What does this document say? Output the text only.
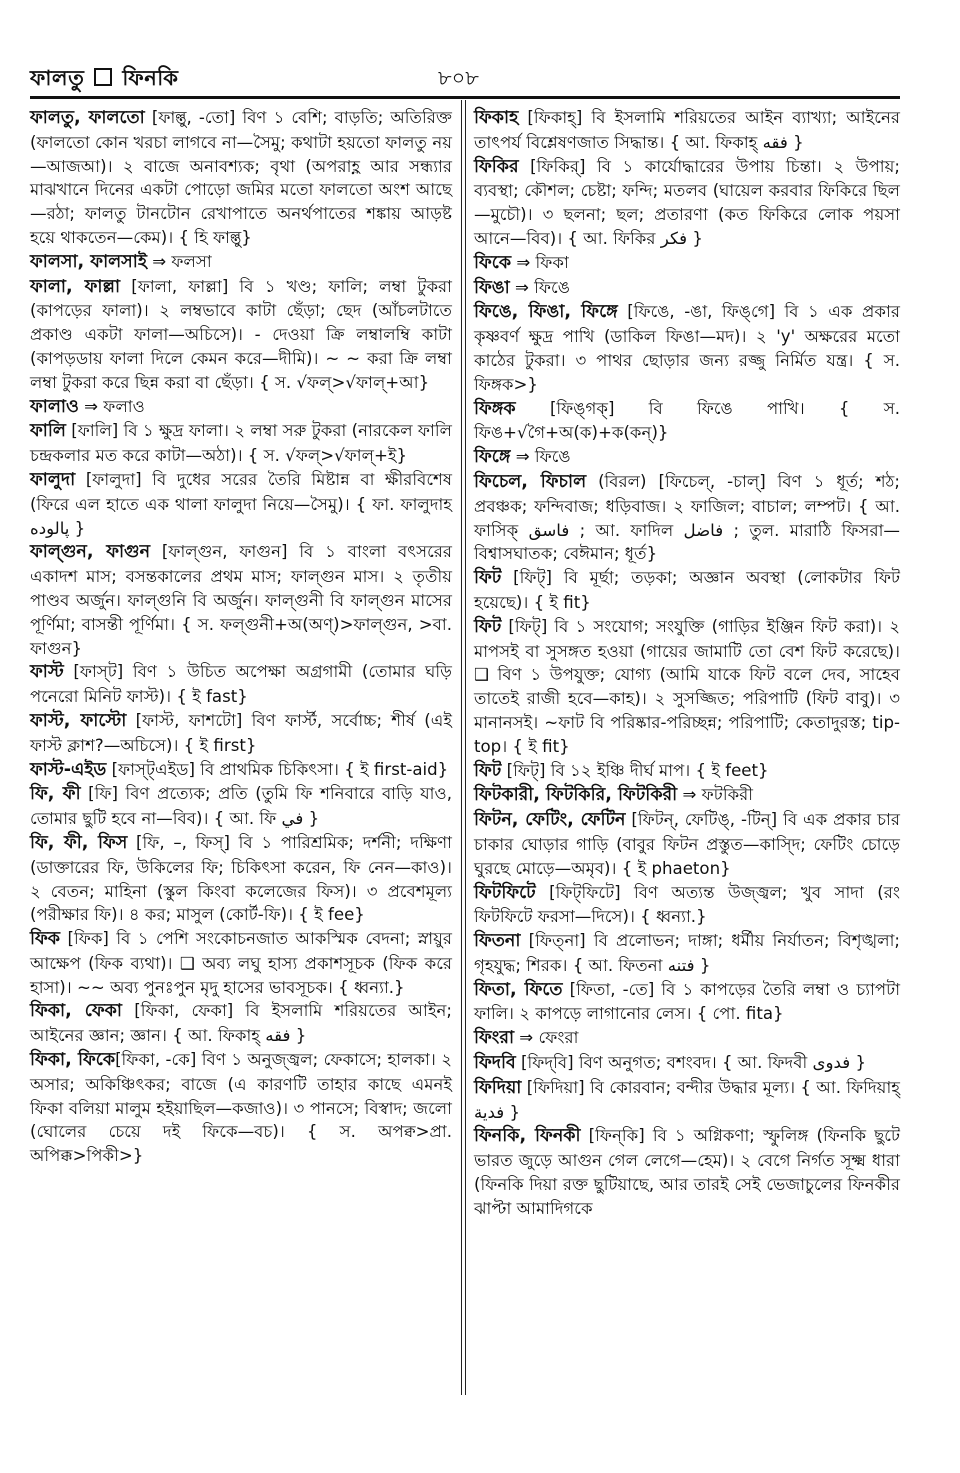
ফালতু ফিনকি	৮০৮

ফালতু, ফালতো [ফাল্তু, -তো] বিণ ১ বেশি; বাড়তি; অতিরিক্ত (ফালতো কোন খরচা লাগবে না—সৈমু; কথাটা হয়তো ফালতু নয়—আজআ)। ২ বাজে অনাবশ্যক; বৃথা (অপরাহ্ণ আর সন্ধ্যার মাঝখানে দিনের একটা পোড়ো জমির মতো ফালতো অংশ আছে—রঠা; ফালতু টানটোন রেখাপাতে অনর্থপাতের শঙ্কায় আড়ষ্ট হয়ে থাকতেন—কেম)। { হি ফাল্তু}

ফালসা, ফালসাই ⇒ ফলসা

ফালা, ফাল্লা [ফালা, ফাল্লা] বি ১ খণ্ড; ফালি; লম্বা টুকরা (কাপড়ের ফালা)। ২ লম্বভাবে কাটা ছেঁড়া; ছেদ (আঁচলটাতে প্রকাণ্ড একটা ফালা—অচিসে)। - দেওয়া ক্রি লম্বালম্বি কাটা (কাপড়ডায় ফালা দিলে কেমন করে—দীমি)। ~ ~ করা ক্রি লম্বা লম্বা টুকরা করে ছিন্ন করা বা ছেঁড়া। { স. √ফল্‌>√ফাল্‌+আ}

ফালাও ⇒ ফলাও

ফালি [ফালি] বি ১ ক্ষুদ্র ফালা। ২ লম্বা সরু টুকরা (নারকেল ফালি চন্দ্রকলার মত করে কাটা—অঠা)। { স. √ফল্‌>√ফাল্‌+ই}

ফালুদা [ফালুদা] বি দুধের সরের তৈরি মিষ্টান্ন বা ক্ষীরবিশেষ (ফিরে এল হাতে এক থালা ফালুদা নিয়ে—সৈমু)। { ফা. ফালুদাহ پالوده }

ফাল্গুন, ফাগুন [ফাল্‌গুন, ফাগুন] বি ১ বাংলা বৎসরের একাদশ মাস; বসন্তকালের প্রথম মাস; ফাল্গুন মাস। ২ তৃতীয় পাণ্ডব অর্জুন। ফাল্গুনি বি অর্জুন। ফাল্গুনী বি ফাল্গুন মাসের পূর্ণিমা; বাসন্তী পূর্ণিমা। { স. ফল্গুনী+অ(অণ্)>ফাল্গুন, >বা. ফাগুন}

ফাস্ট [ফাস্‌ট] বিণ ১ উচিত অপেক্ষা অগ্রগামী (তোমার ঘড়ি পনেরো মিনিট ফাস্ট)। { ই fast}

ফাস্ট, ফাস্টো [ফাস্ট, ফাশটো] বিণ ফার্স্ট, সর্বোচ্চ; শীর্ষ (এই ফাস্ট ক্লাশ?—অচিসে)। { ই first}

ফাস্ট-এইড [ফাস্ট্‌এইড] বি প্রাথমিক চিকিৎসা। { ই first-aid}

ফি, ফী [ফি] বিণ প্রত্যেক; প্রতি (তুমি ফি শনিবারে বাড়ি যাও, তোমার ছুটি হবে না—বিব)। { আ. ফি في }

ফি, ফী, ফিস [ফি, –, ফিস্‌] বি ১ পারিশ্রমিক; দর্শনী; দক্ষিণা (ডাক্তারের ফি, উকিলের ফি; চিকিৎসা করেন, ফি নেন—কাও)। ২ বেতন; মাহিনা (স্কুল কিংবা কলেজের ফিস)। ৩ প্রবেশমূল্য (পরীক্ষার ফি)। ৪ কর; মাসুল (কোর্ট-ফি)। { ই fee}

ফিক [ফিক] বি ১ পেশি সংকোচনজাত আকস্মিক বেদনা; স্নায়ুর আক্ষেপ (ফিক ব্যথা)। ❑ অব্য লঘু হাস্য প্রকাশসূচক (ফিক করে হাসা)। ~~ অব্য পুনঃপুন মৃদু হাসের ভাবসূচক। { ধ্বন্যা.}

ফিকা, ফেকা [ফিকা, ফেকা] বি ইসলামি শরিয়তের আইন; আইনের জ্ঞান; জ্ঞান। { আ. ফিকাহ্‌ فقه }

ফিকা, ফিকে[ফিকা, -কে] বিণ ১ অনুজ্জ্বল; ফেকাসে; হালকা। ২ অসার; অকিঞ্চিৎকর; বাজে (এ কারণটি তাহার কাছে এমনই ফিকা বলিয়া মালুম হইয়াছিল—কজাও)। ৩ পানসে; বিস্বাদ; জলো (ঘোলের চেয়ে দই ফিকে—বচ)। { স. অপক্ব>প্রা. অপিক্ক>পিকী>}

ফিকাহ [ফিকাহ্‌] বি ইসলামি শরিয়তের আইন ব্যাখ্যা; আইনের তাৎপর্য বিশ্লেষণজাত সিদ্ধান্ত। { আ. ফিকাহ্‌ فقه }

ফিকির [ফিকির্‌] বি ১ কার্যোদ্ধারের উপায় চিন্তা। ২ উপায়; ব্যবস্থা; কৌশল; চেষ্টা; ফন্দি; মতলব (ঘায়েল করবার ফিকিরে ছিল—মুচৌ)। ৩ ছলনা; ছল; প্রতারণা (কত ফিকিরে লোক পয়সা আনে—বিব)। { আ. ফিকির فكر }

ফিকে ⇒ ফিকা

ফিঙা ⇒ ফিঙে

ফিঙে, ফিঙা, ফিঙ্গে [ফিঙে, -ঙা, ফিঙ্‌গে] বি ১ এক প্রকার কৃষ্ণবর্ণ ক্ষুদ্র পাখি (ডাকিল ফিঙা—মদ)। ২ 'y' অক্ষরের মতো কাঠের টুকরা। ৩ পাথর ছোড়ার জন্য রজ্জু নির্মিত যন্ত্র। { স. ফিঙ্গক>}

ফিঙ্গক [ফিঙ্‌গক্‌] বি ফিঙে পাখি। { স. ফিঙ+√গৈ+অ(ক)+ক(কন্)}

ফিঙ্গে ⇒ ফিঙে

ফিচেল, ফিচাল (বিরল) [ফিচেল্‌, -চাল্‌] বিণ ১ ধূর্ত; শঠ; প্রবঞ্চক; ফন্দিবাজ; ধড়িবাজ। ২ ফাজিল; বাচাল; লম্পট। { আ. ফাসিক্‌ فاسق ; আ. ফাদিল فاضل ; তুল. মারাঠি ফিসরা—বিশ্বাসঘাতক; বেঈমান; ধূর্ত}

ফিট [ফিট্‌] বি মূর্ছা; তড়কা; অজ্ঞান অবস্থা (লোকটার ফিট হয়েছে)। { ই fit}

ফিট [ফিট্‌] বি ১ সংযোগ; সংযুক্তি (গাড়ির ইঞ্জিন ফিট করা)। ২ মাপসই বা সুসঙ্গত হওয়া (গায়ের জামাটি তো বেশ ফিট করেছে)। ❑ বিণ ১ উপযুক্ত; যোগ্য (আমি যাকে ফিট বলে দেব, সাহেব তাতেই রাজী হবে—কাহ)। ২ সুসজ্জিত; পরিপাটি (ফিট বাবু)। ৩ মানানসই। ~ফাট বি পরিষ্কার-পরিচ্ছন্ন; পরিপাটি; কেতাদুরস্ত; tip-top। { ই fit}

ফিট [ফিট্‌] বি ১২ ইঞ্চি দীর্ঘ মাপ। { ই feet}

ফিটকারী, ফিটকিরি, ফিটকিরী ⇒ ফটকিরী

ফিটন, ফেটিং, ফেটিন [ফিটন্‌, ফেটিঙ্‌, -টিন্‌] বি এক প্রকার চার চাকার ঘোড়ার গাড়ি (বাবুর ফিটন প্রস্তুত—কাস্দি; ফেটিং চোড়ে ঘুরছে মোড়ে—অমৃব)। { ই phaeton}

ফিটফিটে [ফিট্‌ফিটে] বিণ অত্যন্ত উজ্জ্বল; খুব সাদা (রং ফিটফিটে ফরসা—দিসে)। { ধ্বন্যা.}

ফিতনা [ফিত্‌না] বি প্রলোভন; দাঙ্গা; ধর্মীয় নির্যাতন; বিশৃঙ্খলা; গৃহযুদ্ধ; শিরক। { আ. ফিতনা فتنه }

ফিতা, ফিতে [ফিতা, -তে] বি ১ কাপড়ের তৈরি লম্বা ও চ্যাপটা ফালি। ২ কাপড়ে লাগানোর লেস। { পো. fita}

ফিংরা ⇒ ফেংরা

ফিদবি [ফিদ্‌বি] বিণ অনুগত; বশংবদ। { আ. ফিদবী فدوی }

ফিদিয়া [ফিদিয়া] বি কোরবান; বন্দীর উদ্ধার মূল্য। { আ. ফিদিয়াহ্‌ فدية }

ফিনকি, ফিনকী [ফিন্‌কি] বি ১ অগ্নিকণা; স্ফুলিঙ্গ (ফিনকি ছুটে ভারত জুড়ে আগুন গেল লেগে—হেম)। ২ বেগে নির্গত সূক্ষ্ম ধারা (ফিনকি দিয়া রক্ত ছুটিয়াছে, আর তারই সেই ভেজাচুলের ফিনকীর ঝাপ্টা আমাদিগকে
